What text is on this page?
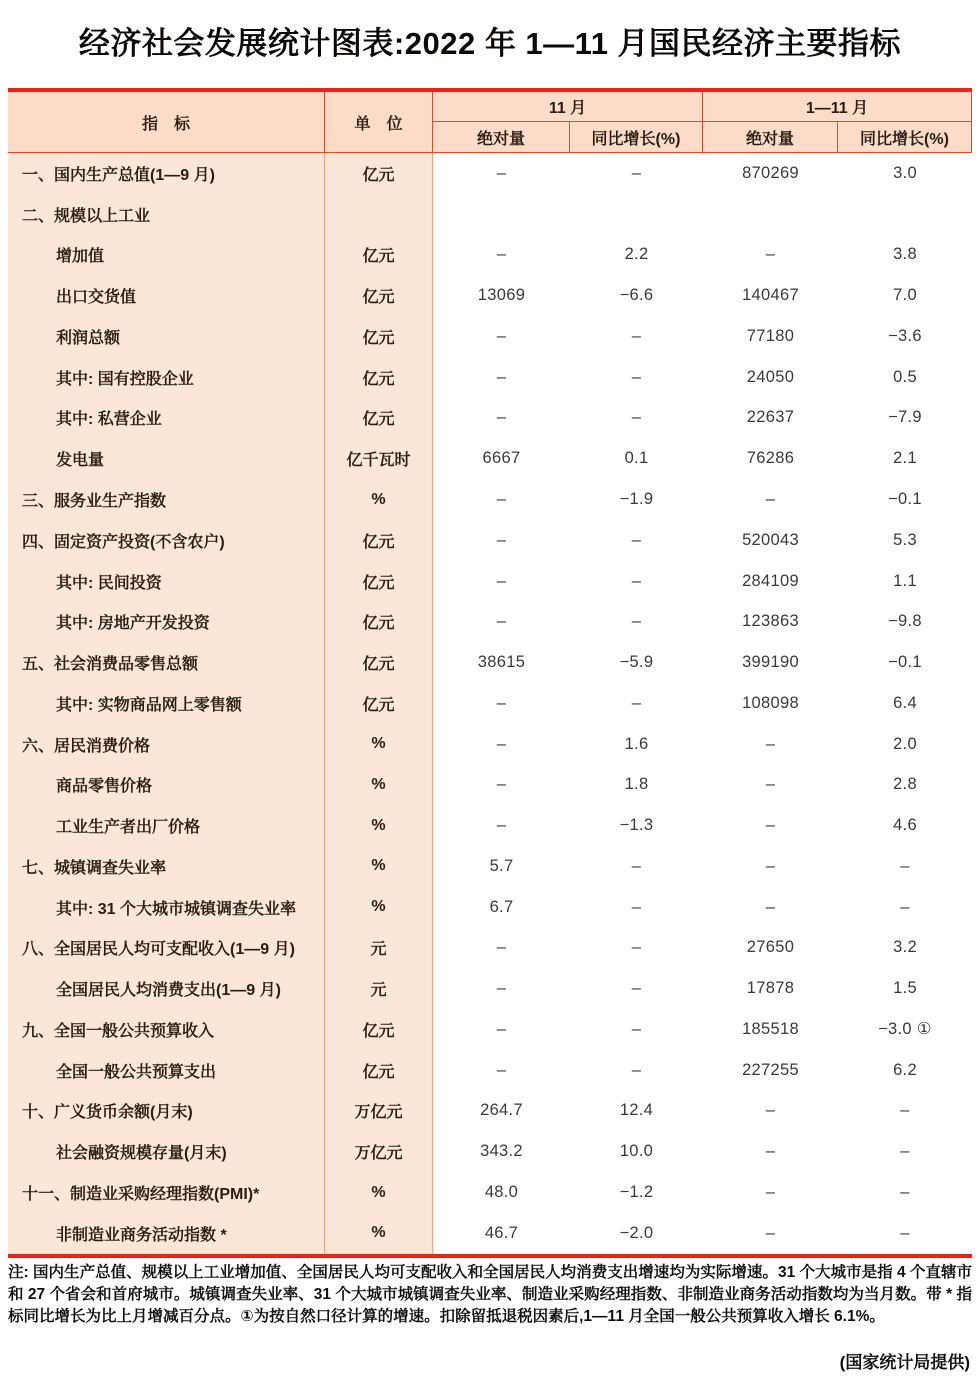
经济社会发展统计图表:2022 年 1—11 月国民经济主要指标
指　标	单　位
11 月	1—11 月
绝对量	同比增长(%)	绝对量	同比增长(%)
一、国内生产总值(1—9 月)	亿元	–	–	870269	3.0
二、规模以上工业
增加值	亿元	–	2.2	–	3.8
出口交货值	亿元	13069	−6.6	140467	7.0
利润总额	亿元	–	–	77180	−3.6
其中: 国有控股企业	亿元	–	–	24050	0.5
其中: 私营企业	亿元	–	–	22637	−7.9
发电量	亿千瓦时	6667	0.1	76286	2.1
三、服务业生产指数	%	–	−1.9	–	−0.1
四、固定资产投资(不含农户)	亿元	–	–	520043	5.3
其中: 民间投资	亿元	–	–	284109	1.1
其中: 房地产开发投资	亿元	–	–	123863	−9.8
五、社会消费品零售总额	亿元	38615	−5.9	399190	−0.1
其中: 实物商品网上零售额	亿元	–	–	108098	6.4
六、居民消费价格	%	–	1.6	–	2.0
商品零售价格	%	–	1.8	–	2.8
工业生产者出厂价格	%	–	−1.3	–	4.6
七、城镇调查失业率	%	5.7	–	–	–
其中: 31 个大城市城镇调查失业率	%	6.7	–	–	–
八、全国居民人均可支配收入(1—9 月)	元	–	–	27650	3.2
全国居民人均消费支出(1—9 月)	元	–	–	17878	1.5
九、全国一般公共预算收入	亿元	–	–	185518	−3.0 ①
全国一般公共预算支出	亿元	–	–	227255	6.2
十、广义货币余额(月末)	万亿元	264.7	12.4	–	–
社会融资规模存量(月末)	万亿元	343.2	10.0	–	–
十一、制造业采购经理指数(PMI)*	%	48.0	−1.2	–	–
非制造业商务活动指数 *	%	46.7	−2.0	–	–
注: 国内生产总值、规模以上工业增加值、全国居民人均可支配收入和全国居民人均消费支出增速均为实际增速。31 个大城市是指 4 个直辖市和 27 个省会和首府城市。城镇调查失业率、31 个大城市城镇调查失业率、制造业采购经理指数、非制造业商务活动指数均为当月数。带 * 指标同比增长为比上月增减百分点。①为按自然口径计算的增速。扣除留抵退税因素后,1—11 月全国一般公共预算收入增长 6.1%。
(国家统计局提供)
